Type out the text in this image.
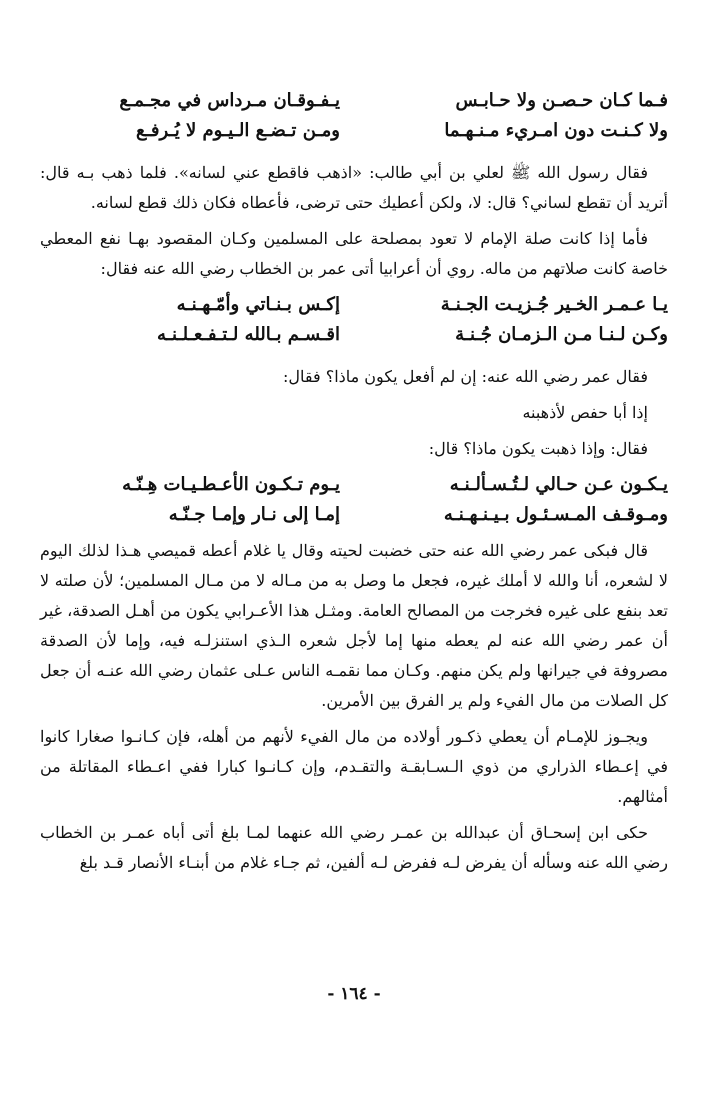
فـما كـان حـصـن ولا حـابـس
يـفـوقـان مـرداس في مجـمـع
ولا كـنـت دون امـريء مـنـهـما
ومـن تـضـع الـيـوم لا يُـرفـع

فقال رسول الله ﷺ لعلي بن أبي طالب: «اذهب فاقطع عني لسانه». فلما ذهب بـه قال: أتريد أن تقطع لساني؟ قال: لا، ولكن أعطيك حتى ترضى، فأعطاه فكان ذلك قطع لسانه.

فأما إذا كانت صلة الإمام لا تعود بمصلحة على المسلمين وكـان المقصود بهـا نفع المعطي خاصة كانت صلاتهم من ماله. روي أن أعرابيا أتى عمر بن الخطاب رضي الله عنه فقال:

يـا عـمـر الخـير جُـزيـت الجـنـة
إكـس بـنـاتي وأمّـهـنـه
وكـن لـنـا مـن الـزمـان جُـنـة
اقـسـم بـالله لـتـفـعـلـنـه
فقال عمر رضي الله عنه: إن لم أفعل يكون ماذا؟ فقال:
إذا أبا حفص لأذهبنه
فقال: وإذا ذهبت يكون ماذا؟ قال:
يـكـون عـن حـالي لـتُـسـألـنـه
يـوم تـكـون الأعـطـيـات هِـنّـه
ومـوقـف المـسـئـول بـيـنـهـنـه
إمـا إلى نـار وإمـا جـنّـه

قال فبكى عمر رضي الله عنه حتى خضبت لحيته وقال يا غلام أعطه قميصي هـذا لذلك اليوم لا لشعره، أنا والله لا أملك غيره، فجعل ما وصل به من مـاله لا من مـال المسلمين؛ لأن صلته لا تعد بنفع على غيره فخرجت من المصالح العامة. ومثـل هذا الأعـرابي يكون من أهـل الصدقة، غير أن عمر رضي الله عنه لم يعطه منها إما لأجل شعره الـذي استنزلـه فيه، وإما لأن الصدقة مصروفة في جيرانها ولم يكن منهم. وكـان مما نقمـه الناس عـلى عثمان رضي الله عنـه أن جعل كل الصلات من مال الفيء ولم ير الفرق بين الأمرين.

ويجـوز للإمـام أن يعطي ذكـور أولاده من مال الفيء لأنهم من أهله، فإن كـانـوا صغارا كانوا في إعـطاء الذراري من ذوي الـسـابقـة والتقـدم، وإن كـانـوا كبارا ففي اعـطاء المقاتلة من أمثالهم.

حكى ابن إسحـاق أن عبدالله بن عمـر رضي الله عنهما لمـا بلغ أتى أباه عمـر بن الخطاب رضي الله عنه وسأله أن يفرض لـه ففرض لـه ألفين، ثم جـاء غلام من أبنـاء الأنصار قـد بلغ

- ١٦٤ -
